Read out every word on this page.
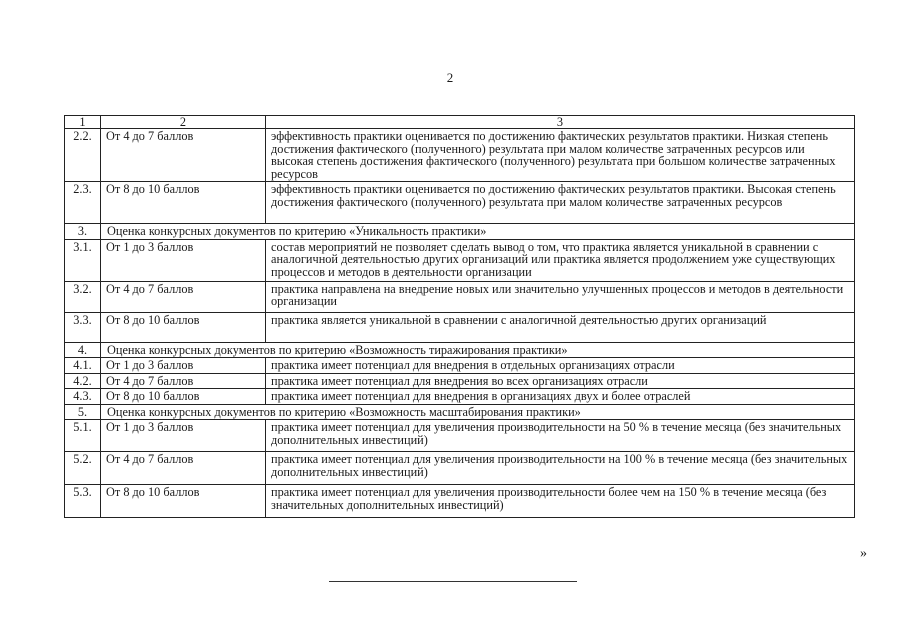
2
1	2	3
2.2.	От 4 до 7 баллов	эффективность практики оценивается по достижению фактических результатов практики. Низкая степень достижения фактического (полученного) результата при малом количестве затраченных ресурсов или высокая степень достижения фактического (полученного) результата при большом количестве затраченных ресурсов
2.3.	От 8 до 10 баллов	эффективность практики оценивается по достижению фактических результатов практики. Высокая степень достижения фактического (полученного) результата при малом количестве затраченных ресурсов
3.	Оценка конкурсных документов по критерию «Уникальность практики»	
3.1.	От 1 до 3 баллов	состав мероприятий не позволяет сделать вывод о том, что практика является уникальной в сравнении с аналогичной деятельностью других организаций или практика является продолжением уже существующих процессов и методов в деятельности организации
3.2.	От 4 до 7 баллов	практика направлена на внедрение новых или значительно улучшенных процессов и методов в деятельности организации
3.3.	От 8 до 10 баллов	практика является уникальной в сравнении с аналогичной деятельностью других организаций
4.	Оценка конкурсных документов по критерию «Возможность тиражирования практики»	
4.1.	От 1 до 3 баллов	практика имеет потенциал для внедрения в отдельных организациях отрасли
4.2.	От 4 до 7 баллов	практика имеет потенциал для внедрения во всех организациях отрасли
4.3.	От 8 до 10 баллов	практика имеет потенциал для внедрения в организациях двух и более отраслей
5.	Оценка конкурсных документов по критерию «Возможность масштабирования практики»	
5.1.	От 1 до 3 баллов	практика имеет потенциал для увеличения производительности на 50 % в течение месяца (без значительных дополнительных инвестиций)
5.2.	От 4 до 7 баллов	практика имеет потенциал для увеличения производительности на 100 % в течение месяца (без значительных дополнительных инвестиций)
5.3.	От 8 до 10 баллов	практика имеет потенциал для увеличения производительности более чем на 150 % в течение месяца (без значительных дополнительных инвестиций)
»
